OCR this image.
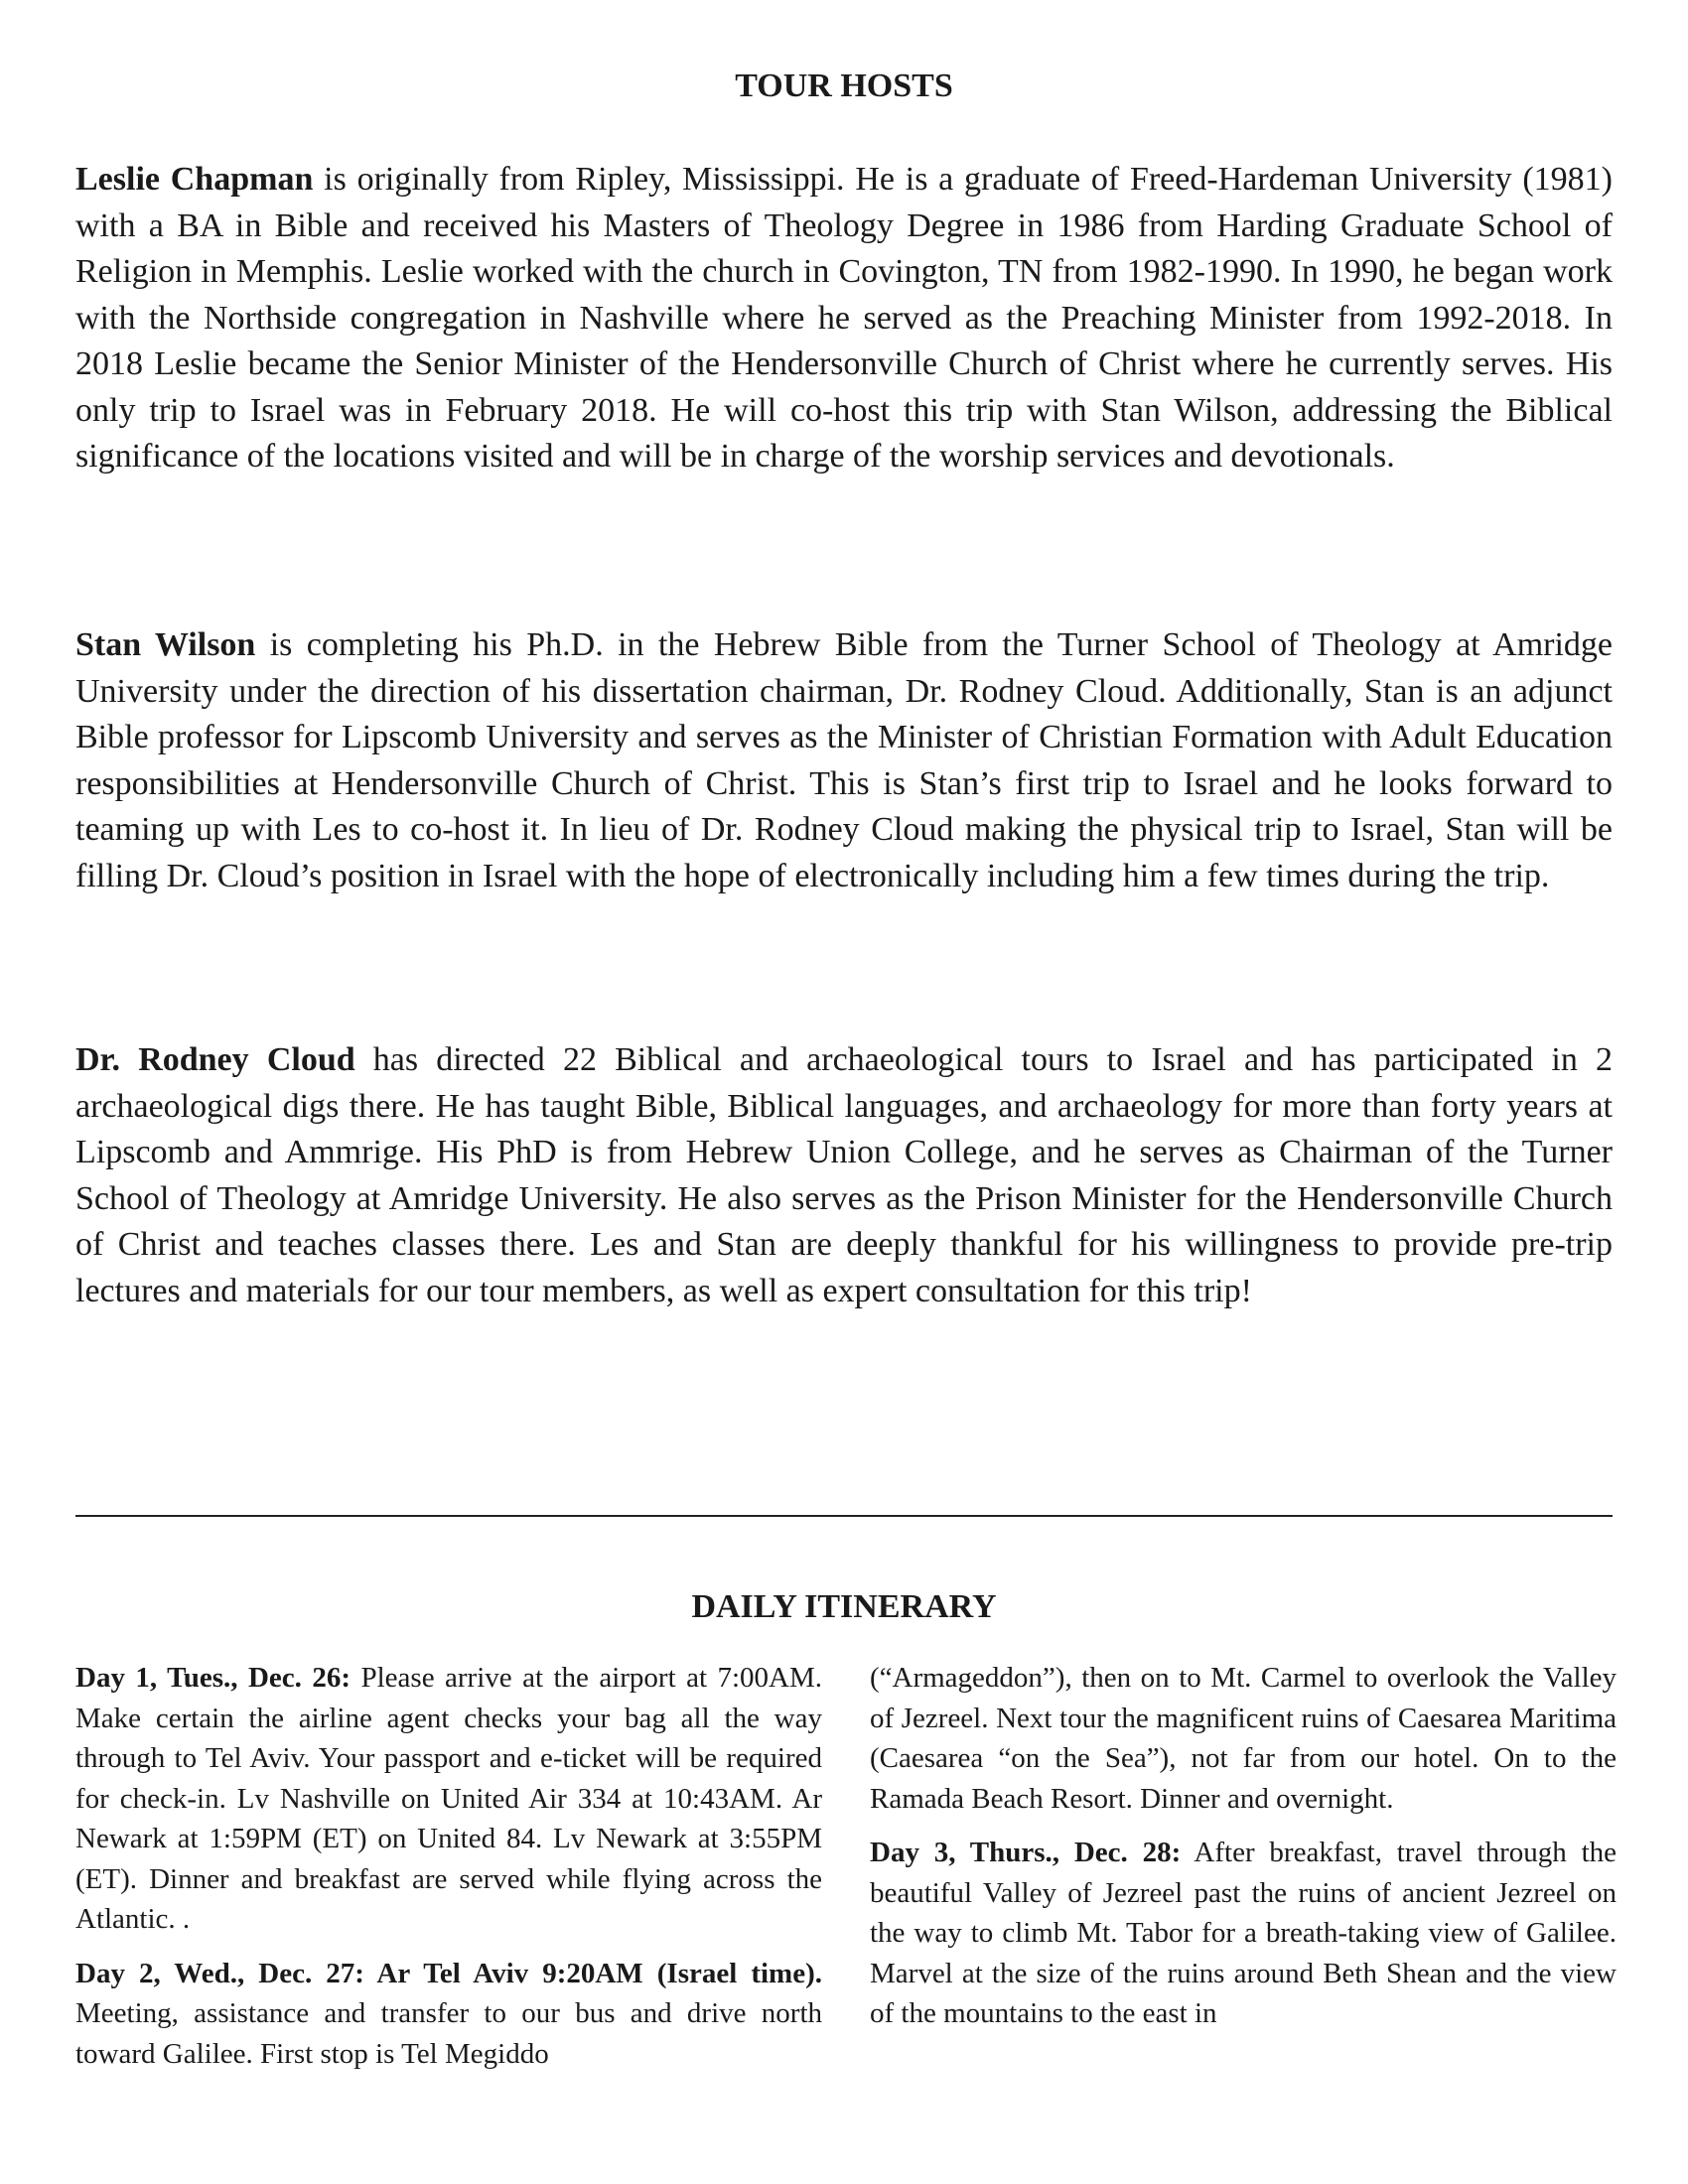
TOUR HOSTS

Leslie Chapman is originally from Ripley, Mississippi. He is a graduate of Freed-Hardeman University (1981) with a BA in Bible and received his Masters of Theology Degree in 1986 from Harding Graduate School of Religion in Memphis. Leslie worked with the church in Covington, TN from 1982-1990. In 1990, he began work with the Northside congregation in Nashville where he served as the Preaching Minister from 1992-2018. In 2018 Leslie became the Senior Minister of the Hendersonville Church of Christ where he currently serves. His only trip to Israel was in February 2018. He will co-host this trip with Stan Wilson, addressing the Biblical significance of the locations visited and will be in charge of the worship services and devotionals.

Stan Wilson is completing his Ph.D. in the Hebrew Bible from the Turner School of Theology at Amridge University under the direction of his dissertation chairman, Dr. Rodney Cloud. Additionally, Stan is an adjunct Bible professor for Lipscomb University and serves as the Minister of Christian Formation with Adult Education responsibilities at Hendersonville Church of Christ. This is Stan’s first trip to Israel and he looks forward to teaming up with Les to co-host it. In lieu of Dr. Rodney Cloud making the physical trip to Israel, Stan will be filling Dr. Cloud’s position in Israel with the hope of electronically including him a few times during the trip.

Dr. Rodney Cloud has directed 22 Biblical and archaeological tours to Israel and has participated in 2 archaeological digs there. He has taught Bible, Biblical languages, and archaeology for more than forty years at Lipscomb and Ammrige. His PhD is from Hebrew Union College, and he serves as Chairman of the Turner School of Theology at Amridge University. He also serves as the Prison Minister for the Hendersonville Church of Christ and teaches classes there. Les and Stan are deeply thankful for his willingness to provide pre-trip lectures and materials for our tour members, as well as expert consultation for this trip!

DAILY ITINERARY

Day 1, Tues., Dec. 26: Please arrive at the airport at 7:00AM. Make certain the airline agent checks your bag all the way through to Tel Aviv. Your passport and e-ticket will be required for check-in. Lv Nashville on United Air 334 at 10:43AM. Ar Newark at 1:59PM (ET) on United 84. Lv Newark at 3:55PM (ET). Dinner and breakfast are served while flying across the Atlantic. .

Day 2, Wed., Dec. 27: Ar Tel Aviv 9:20AM (Israel time). Meeting, assistance and transfer to our bus and drive north toward Galilee. First stop is Tel Megiddo

(“Armageddon”), then on to Mt. Carmel to overlook the Valley of Jezreel. Next tour the magnificent ruins of Caesarea Maritima (Caesarea “on the Sea”), not far from our hotel. On to the Ramada Beach Resort. Dinner and overnight.

Day 3, Thurs., Dec. 28: After breakfast, travel through the beautiful Valley of Jezreel past the ruins of ancient Jezreel on the way to climb Mt. Tabor for a breath-taking view of Galilee. Marvel at the size of the ruins around Beth Shean and the view of the mountains to the east in
